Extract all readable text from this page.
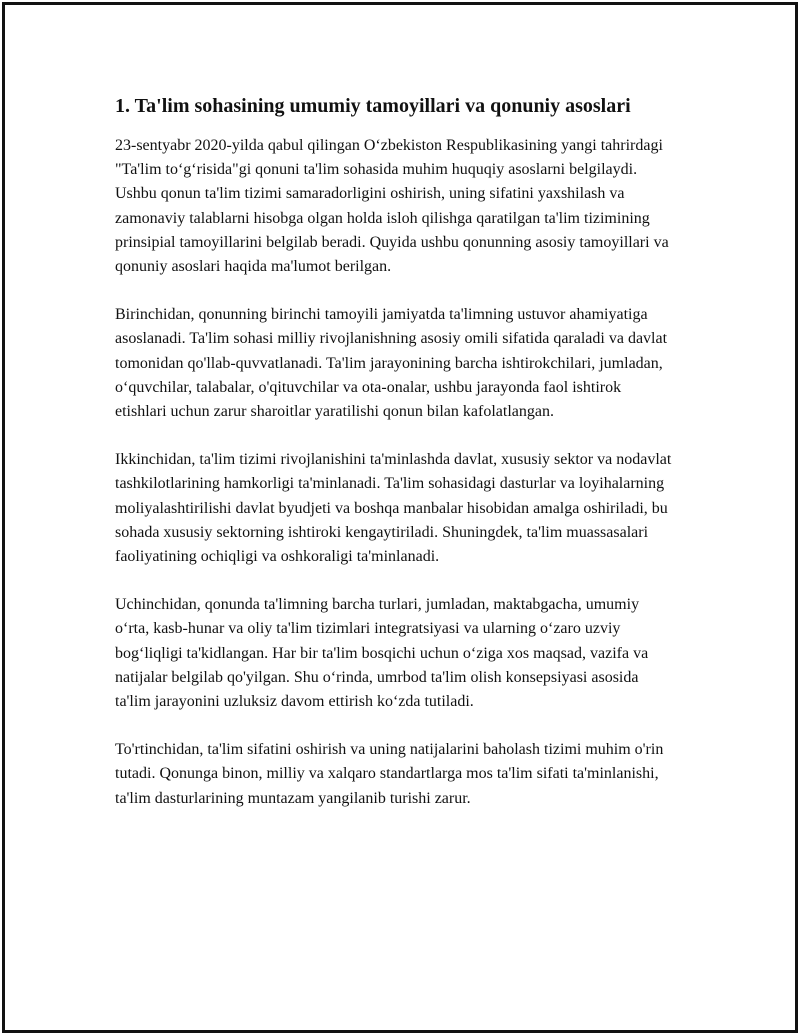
1. Ta'lim sohasining umumiy tamoyillari va qonuniy asoslari

23-sentyabr 2020-yilda qabul qilingan O‘zbekiston Respublikasining yangi tahrirdagi "Ta'lim to‘g‘risida"gi qonuni ta'lim sohasida muhim huquqiy asoslarni belgilaydi. Ushbu qonun ta'lim tizimi samaradorligini oshirish, uning sifatini yaxshilash va zamonaviy talablarni hisobga olgan holda isloh qilishga qaratilgan ta'lim tizimining prinsipial tamoyillarini belgilab beradi. Quyida ushbu qonunning asosiy tamoyillari va qonuniy asoslari haqida ma'lumot berilgan.

Birinchidan, qonunning birinchi tamoyili jamiyatda ta'limning ustuvor ahamiyatiga asoslanadi. Ta'lim sohasi milliy rivojlanishning asosiy omili sifatida qaraladi va davlat tomonidan qo'llab-quvvatlanadi. Ta'lim jarayonining barcha ishtirokchilari, jumladan, o‘quvchilar, talabalar, o'qituvchilar va ota-onalar, ushbu jarayonda faol ishtirok etishlari uchun zarur sharoitlar yaratilishi qonun bilan kafolatlangan.

Ikkinchidan, ta'lim tizimi rivojlanishini ta'minlashda davlat, xususiy sektor va nodavlat tashkilotlarining hamkorligi ta'minlanadi. Ta'lim sohasidagi dasturlar va loyihalarning moliyalashtirilishi davlat byudjeti va boshqa manbalar hisobidan amalga oshiriladi, bu sohada xususiy sektorning ishtiroki kengaytiriladi. Shuningdek, ta'lim muassasalari faoliyatining ochiqligi va oshkoraligi ta'minlanadi.

Uchinchidan, qonunda ta'limning barcha turlari, jumladan, maktabgacha, umumiy o‘rta, kasb-hunar va oliy ta'lim tizimlari integratsiyasi va ularning o‘zaro uzviy bog‘liqligi ta'kidlangan. Har bir ta'lim bosqichi uchun o‘ziga xos maqsad, vazifa va natijalar belgilab qo'yilgan. Shu o‘rinda, umrbod ta'lim olish konsepsiyasi asosida ta'lim jarayonini uzluksiz davom ettirish ko‘zda tutiladi.

To'rtinchidan, ta'lim sifatini oshirish va uning natijalarini baholash tizimi muhim o'rin tutadi. Qonunga binon, milliy va xalqaro standartlarga mos ta'lim sifati ta'minlanishi, ta'lim dasturlarining muntazam yangilanib turishi zarur.
